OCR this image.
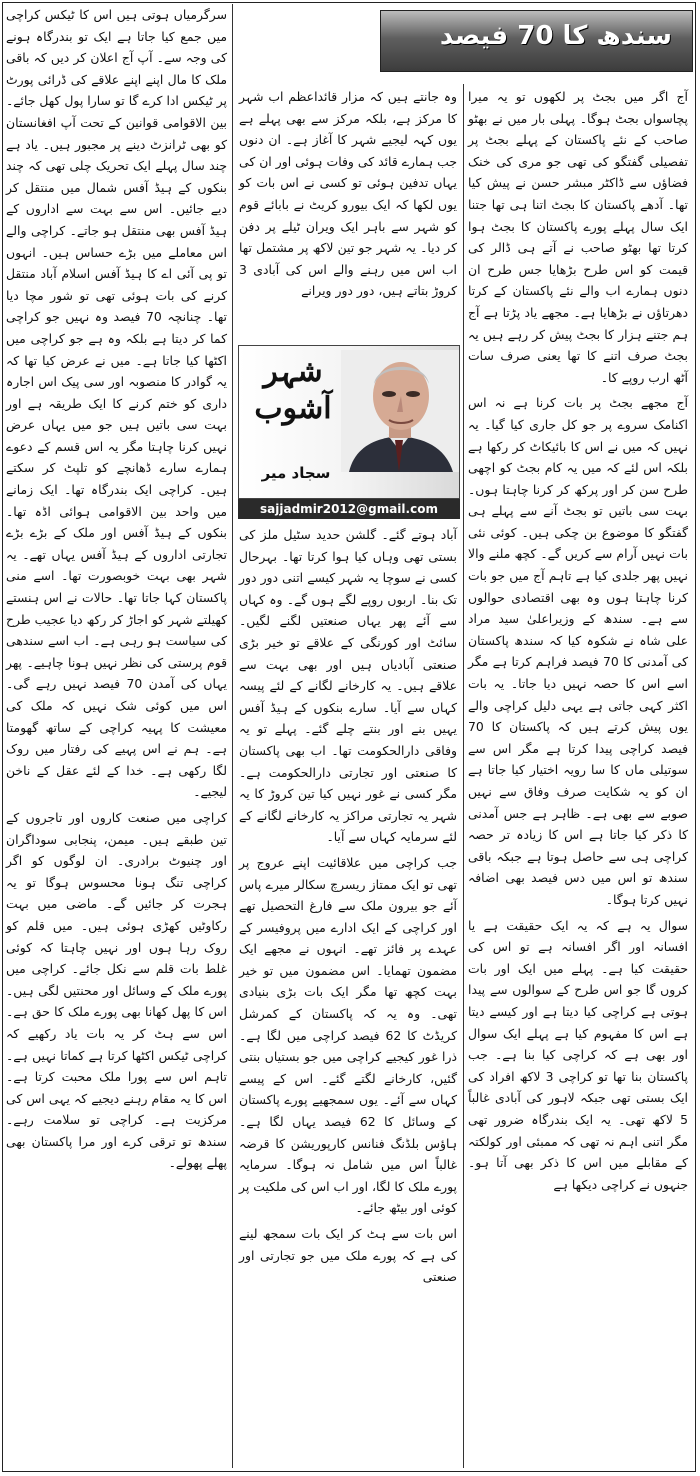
سندھ کا 70 فیصد

آج اگر میں بجٹ پر لکھوں تو یہ میرا پچاسواں بجٹ ہوگا۔ پہلی بار میں نے بھٹو صاحب کے نئے پاکستان کے پہلے بجٹ پر تفصیلی گفتگو کی تھی جو مری کی خنک فضاؤں سے ڈاکٹر مبشر حسن نے پیش کیا تھا۔ آدھے پاکستان کا بجٹ اتنا ہی تھا جتنا ایک سال پہلے پورے پاکستان کا بجٹ ہوا کرتا تھا بھٹو صاحب نے آتے ہی ڈالر کی قیمت کو اس طرح بڑھایا جس طرح ان دنوں ہمارے اب والے نئے پاکستان کے کرتا دھرتاؤں نے بڑھایا ہے۔ مجھے یاد پڑتا ہے آج ہم جتنے ہزار کا بجٹ پیش کر رہے ہیں یہ بجٹ صرف اتنے کا تھا یعنی صرف سات آٹھ ارب روپے کا۔

آج مجھے بجٹ پر بات کرنا ہے نہ اس اکنامک سروے پر جو کل جاری کیا گیا۔ یہ نہیں کہ میں نے اس کا بائیکاٹ کر رکھا ہے بلکہ اس لئے کہ میں یہ کام بجٹ کو اچھی طرح سن کر اور پرکھ کر کرنا چاہتا ہوں۔ بہت سی باتیں تو بجٹ آنے سے پہلے ہی گفتگو کا موضوع بن چکی ہیں۔ کوئی نئی بات نہیں آرام سے کریں گے۔ کچھ ملنے والا نہیں پھر جلدی کیا ہے تاہم آج میں جو بات کرنا چاہتا ہوں وہ بھی اقتصادی حوالوں سے ہے۔ سندھ کے وزیراعلیٰ سید مراد علی شاہ نے شکوہ کیا کہ سندھ پاکستان کی آمدنی کا 70 فیصد فراہم کرتا ہے مگر اسے اس کا حصہ نہیں دیا جاتا۔ یہ بات اکثر کہی جاتی ہے یہی دلیل کراچی والے یوں پیش کرتے ہیں کہ پاکستان کا 70 فیصد کراچی پیدا کرتا ہے مگر اس سے سوتیلی ماں کا سا رویہ اختیار کیا جاتا ہے ان کو یہ شکایت صرف وفاق سے نہیں صوبے سے بھی ہے۔ ظاہر ہے جس آمدنی کا ذکر کیا جاتا ہے اس کا زیادہ تر حصہ کراچی ہی سے حاصل ہوتا ہے جبکہ باقی سندھ تو اس میں دس فیصد بھی اضافہ نہیں کرتا ہوگا۔

سوال یہ ہے کہ یہ ایک حقیقت ہے یا افسانہ اور اگر افسانہ ہے تو اس کی حقیقت کیا ہے۔ پہلے میں ایک اور بات کروں گا جو اس طرح کے سوالوں سے پیدا ہوتی ہے کراچی کیا دیتا ہے اور کیسے دیتا ہے اس کا مفہوم کیا ہے پہلے ایک سوال اور بھی ہے کہ کراچی کیا بنا ہے۔ جب پاکستان بنا تھا تو کراچی 3 لاکھ افراد کی ایک بستی تھی جبکہ لاہور کی آبادی غالباً 5 لاکھ تھی۔ یہ ایک بندرگاہ ضرور تھی مگر اتنی اہم نہ تھی کہ ممبئی اور کولکتہ کے مقابلے میں اس کا ذکر بھی آتا ہو۔ جنہوں نے کراچی دیکھا ہے

وہ جانتے ہیں کہ مزار قائداعظم اب شہر کا مرکز ہے، بلکہ مرکز سے بھی پہلے ہے یوں کہہ لیجیے شہر کا آغاز ہے۔ ان دنوں جب ہمارے قائد کی وفات ہوئی اور ان کی یہاں تدفین ہوئی تو کسی نے اس بات کو یوں لکھا کہ ایک بیورو کریٹ نے بابائے قوم کو شہر سے باہر ایک ویران ٹیلے پر دفن کر دیا۔ یہ شہر جو تین لاکھ پر مشتمل تھا اب اس میں رہنے والے اس کی آبادی 3 کروڑ بتاتے ہیں، دور دور ویرانے

شہر
آشوب
سجاد میر
sajjadmir2012@gmail.com

آباد ہوتے گئے۔ گلشن حدید سٹیل ملز کی بستی تھی وہاں کیا ہوا کرتا تھا۔ بہرحال کسی نے سوچا یہ شہر کیسے اتنی دور دور تک بنا۔ اربوں روپے لگے ہوں گے۔ وہ کہاں سے آئے پھر یہاں صنعتیں لگنے لگیں۔ سائٹ اور کورنگی کے علاقے تو خیر بڑی صنعتی آبادیاں ہیں اور بھی بہت سے علاقے ہیں۔ یہ کارخانے لگانے کے لئے پیسہ کہاں سے آیا۔ سارے بنکوں کے ہیڈ آفس یہیں بنے اور بنتے چلے گئے۔ پہلے تو یہ وفاقی دارالحکومت تھا۔ اب بھی پاکستان کا صنعتی اور تجارتی دارالحکومت ہے۔ مگر کسی نے غور نہیں کیا تین کروڑ کا یہ شہر یہ تجارتی مراکز یہ کارخانے لگانے کے لئے سرمایہ کہاں سے آیا۔

جب کراچی میں علاقائیت اپنے عروج پر تھی تو ایک ممتاز ریسرچ سکالر میرے پاس آئے جو بیرون ملک سے فارغ التحصیل تھے اور کراچی کے ایک ادارے میں پروفیسر کے عہدے پر فائز تھے۔ انہوں نے مجھے ایک مضمون تھمایا۔ اس مضمون میں تو خیر بہت کچھ تھا مگر ایک بات بڑی بنیادی تھی۔ وہ یہ کہ پاکستان کے کمرشل کریڈٹ کا 62 فیصد کراچی میں لگا ہے۔ ذرا غور کیجیے کراچی میں جو بستیاں بنتی گئیں، کارخانے لگتے گئے۔ اس کے پیسے کہاں سے آئے۔ یوں سمجھیے پورے پاکستان کے وسائل کا 62 فیصد یہاں لگا ہے۔ ہاؤس بلڈنگ فنانس کارپوریشن کا قرضہ غالباً اس میں شامل نہ ہوگا۔ سرمایہ پورے ملک کا لگا، اور اب اس کی ملکیت پر کوئی اور بیٹھ جائے۔

اس بات سے ہٹ کر ایک بات سمجھ لینے کی ہے کہ پورے ملک میں جو تجارتی اور صنعتی

سرگرمیاں ہوتی ہیں اس کا ٹیکس کراچی میں جمع کیا جاتا ہے ایک تو بندرگاہ ہونے کی وجہ سے۔ آپ آج اعلان کر دیں کہ باقی ملک کا مال اپنے اپنے علاقے کی ڈرائی پورٹ پر ٹیکس ادا کرے گا تو سارا پول کھل جائے۔ بین الاقوامی قوانین کے تحت آپ افغانستان کو بھی ٹرانزٹ دینے پر مجبور ہیں۔ یاد ہے چند سال پہلے ایک تحریک چلی تھی کہ چند بنکوں کے ہیڈ آفس شمال میں منتقل کر دیے جائیں۔ اس سے بہت سے اداروں کے ہیڈ آفس بھی منتقل ہو جاتے۔ کراچی والے اس معاملے میں بڑے حساس ہیں۔ انہوں تو پی آئی اے کا ہیڈ آفس اسلام آباد منتقل کرنے کی بات ہوئی تھی تو شور مچا دیا تھا۔ چنانچہ 70 فیصد وہ نہیں جو کراچی کما کر دیتا ہے بلکہ وہ ہے جو کراچی میں اکٹھا کیا جاتا ہے۔ میں نے عرض کیا تھا کہ یہ گوادر کا منصوبہ اور سی پیک اس اجارہ داری کو ختم کرنے کا ایک طریقہ ہے اور بہت سی باتیں ہیں جو میں یہاں عرض نہیں کرنا چاہتا مگر یہ اس قسم کے دعوے ہمارے سارے ڈھانچے کو تلپٹ کر سکتے ہیں۔ کراچی ایک بندرگاہ تھا۔ ایک زمانے میں واحد بین الاقوامی ہوائی اڈہ تھا۔ بنکوں کے ہیڈ آفس اور ملک کے بڑے بڑے تجارتی اداروں کے ہیڈ آفس یہاں تھے۔ یہ شہر بھی بہت خوبصورت تھا۔ اسے منی پاکستان کہا جاتا تھا۔ حالات نے اس ہنستے کھیلتے شہر کو اجاڑ کر رکھ دیا عجیب طرح کی سیاست ہو رہی ہے۔ اب اسے سندھی قوم پرستی کی نظر نہیں ہونا چاہیے۔ پھر یہاں کی آمدن 70 فیصد نہیں رہے گی۔ اس میں کوئی شک نہیں کہ ملک کی معیشت کا پہیہ کراچی کے ساتھ گھومتا ہے۔ ہم نے اس پہیے کی رفتار میں روک لگا رکھی ہے۔ خدا کے لئے عقل کے ناخن لیجیے۔

کراچی میں صنعت کاروں اور تاجروں کے تین طبقے ہیں۔ میمن، پنجابی سوداگران اور چنیوٹ برادری۔ ان لوگوں کو اگر کراچی تنگ ہونا محسوس ہوگا تو یہ ہجرت کر جائیں گے۔ ماضی میں بہت رکاوٹیں کھڑی ہوئی ہیں۔ میں قلم کو روک رہا ہوں اور نہیں چاہتا کہ کوئی غلط بات قلم سے نکل جائے۔ کراچی میں پورے ملک کے وسائل اور محنتیں لگی ہیں۔ اس کا پھل کھانا بھی پورے ملک کا حق ہے۔ اس سے ہٹ کر یہ بات یاد رکھیے کہ کراچی ٹیکس اکٹھا کرتا ہے کماتا نہیں ہے۔ تاہم اس سے پورا ملک محبت کرتا ہے۔ اس کا یہ مقام رہنے دیجیے کہ یہی اس کی مرکزیت ہے۔ کراچی تو سلامت رہے۔ سندھ تو ترقی کرے اور مرا پاکستان بھی پھلے پھولے۔
